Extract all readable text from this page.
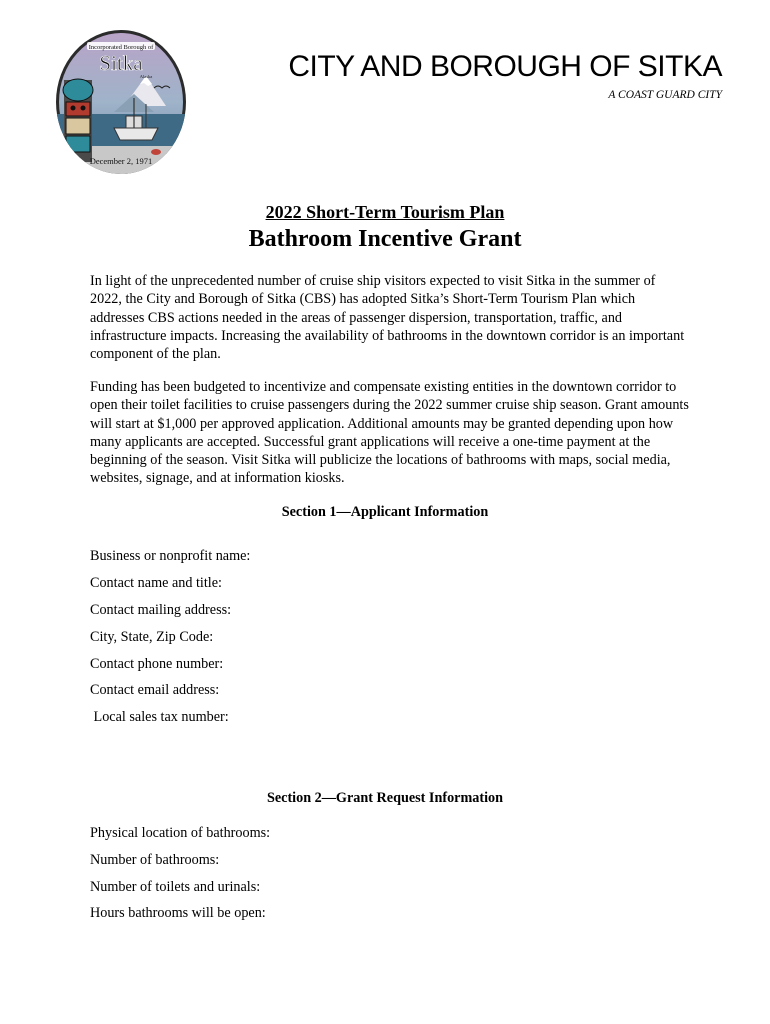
Incorporated Borough of
Sitka
Alaska
December 2, 1971
CITY AND BOROUGH OF SITKA
A COAST GUARD CITY
2022 Short-Term Tourism Plan
Bathroom Incentive Grant

In light of the unprecedented number of cruise ship visitors expected to visit Sitka in the summer of 2022, the City and Borough of Sitka (CBS) has adopted Sitka’s Short-Term Tourism Plan which addresses CBS actions needed in the areas of passenger dispersion, transportation, traffic, and infrastructure impacts. Increasing the availability of bathrooms in the downtown corridor is an important component of the plan.

Funding has been budgeted to incentivize and compensate existing entities in the downtown corridor to open their toilet facilities to cruise passengers during the 2022 summer cruise ship season. Grant amounts will start at $1,000 per approved application. Additional amounts may be granted depending upon how many applicants are accepted. Successful grant applications will receive a one-time payment at the beginning of the season. Visit Sitka will publicize the locations of bathrooms with maps, social media, websites, signage, and at information kiosks.

Section 1—Applicant Information
Business or nonprofit name:
Contact name and title:
Contact mailing address:
City, State, Zip Code:
Contact phone number:
Contact email address:
Local sales tax number:
Section 2—Grant Request Information
Physical location of bathrooms:
Number of bathrooms:
Number of toilets and urinals:
Hours bathrooms will be open:
